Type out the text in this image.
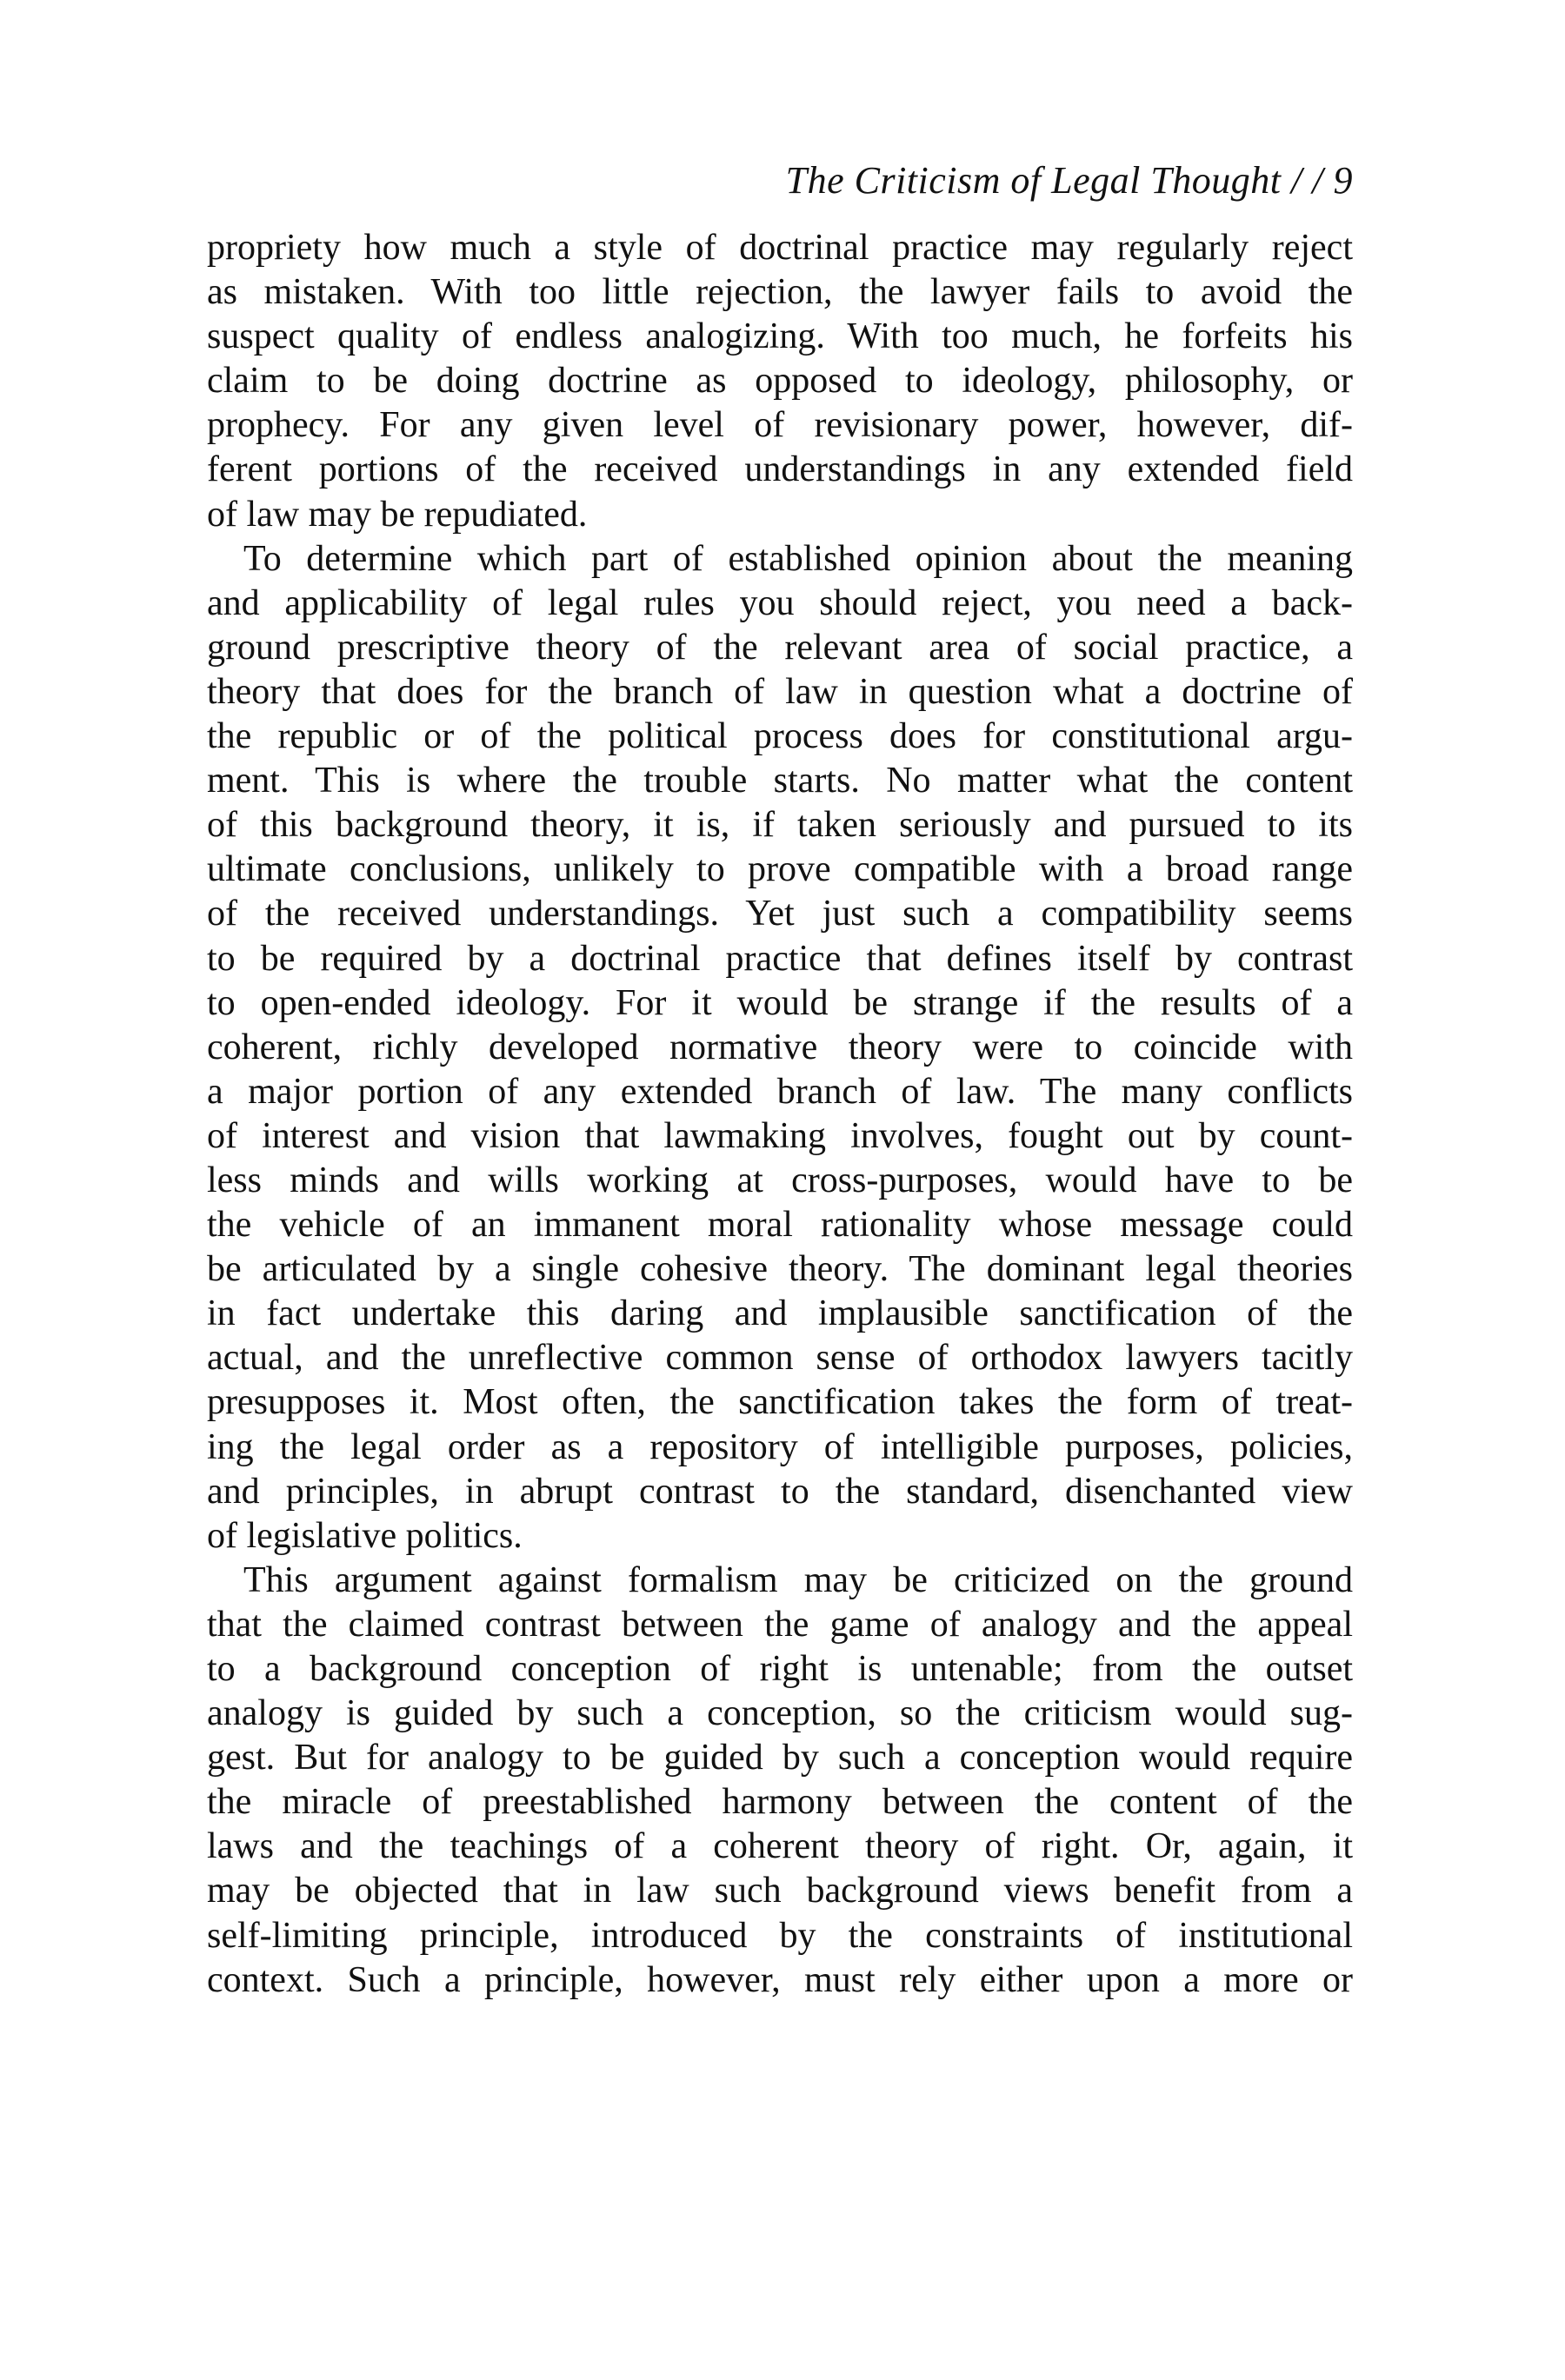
The Criticism of Legal Thought / / 9
propriety how much a style of doctrinal practice may regularly reject
as mistaken. With too little rejection, the lawyer fails to avoid the
suspect quality of endless analogizing. With too much, he forfeits his
claim to be doing doctrine as opposed to ideology, philosophy, or
prophecy. For any given level of revisionary power, however, dif-
ferent portions of the received understandings in any extended field
of law may be repudiated.
To determine which part of established opinion about the meaning
and applicability of legal rules you should reject, you need a back-
ground prescriptive theory of the relevant area of social practice, a
theory that does for the branch of law in question what a doctrine of
the republic or of the political process does for constitutional argu-
ment. This is where the trouble starts. No matter what the content
of this background theory, it is, if taken seriously and pursued to its
ultimate conclusions, unlikely to prove compatible with a broad range
of the received understandings. Yet just such a compatibility seems
to be required by a doctrinal practice that defines itself by contrast
to open-ended ideology. For it would be strange if the results of a
coherent, richly developed normative theory were to coincide with
a major portion of any extended branch of law. The many conflicts
of interest and vision that lawmaking involves, fought out by count-
less minds and wills working at cross-purposes, would have to be
the vehicle of an immanent moral rationality whose message could
be articulated by a single cohesive theory. The dominant legal theories
in fact undertake this daring and implausible sanctification of the
actual, and the unreflective common sense of orthodox lawyers tacitly
presupposes it. Most often, the sanctification takes the form of treat-
ing the legal order as a repository of intelligible purposes, policies,
and principles, in abrupt contrast to the standard, disenchanted view
of legislative politics.
This argument against formalism may be criticized on the ground
that the claimed contrast between the game of analogy and the appeal
to a background conception of right is untenable; from the outset
analogy is guided by such a conception, so the criticism would sug-
gest. But for analogy to be guided by such a conception would require
the miracle of preestablished harmony between the content of the
laws and the teachings of a coherent theory of right. Or, again, it
may be objected that in law such background views benefit from a
self-limiting principle, introduced by the constraints of institutional
context. Such a principle, however, must rely either upon a more or
